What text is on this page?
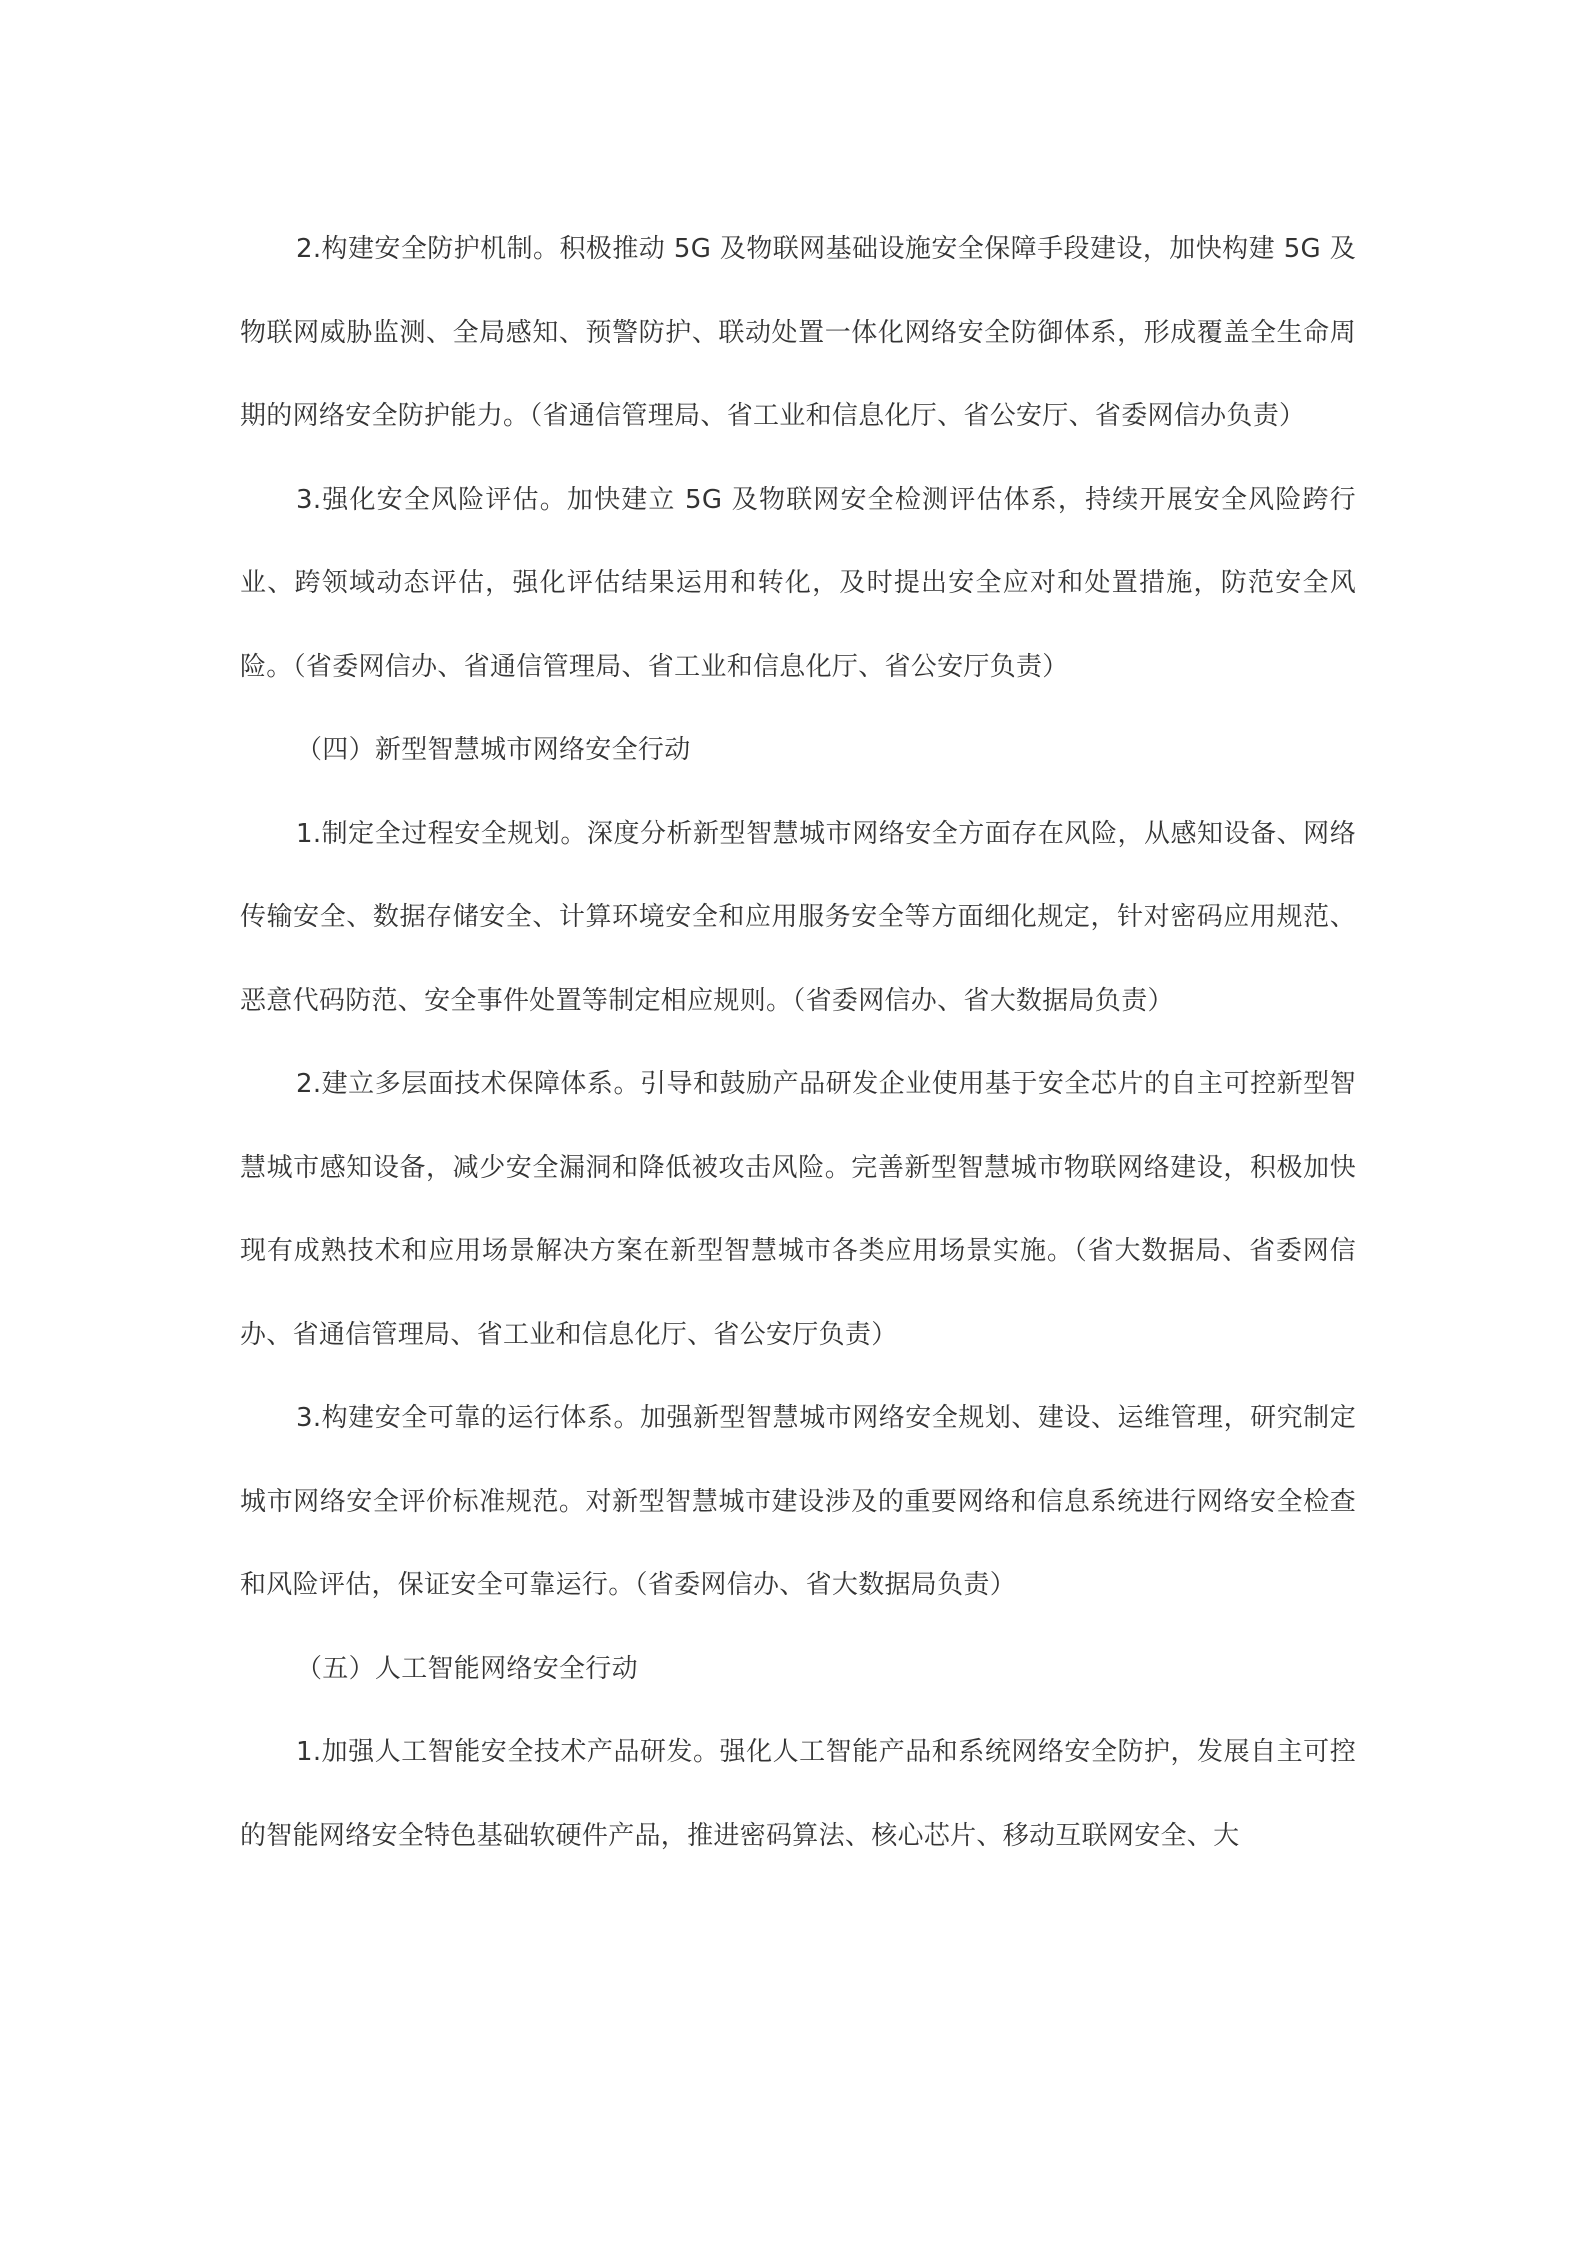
2.构建安全防护机制。积极推动 5G 及物联网基础设施安全保障手段建设，加快构建 5G 及物联网威胁监测、全局感知、预警防护、联动处置一体化网络安全防御体系，形成覆盖全生命周期的网络安全防护能力。（省通信管理局、省工业和信息化厅、省公安厅、省委网信办负责）

3.强化安全风险评估。加快建立 5G 及物联网安全检测评估体系，持续开展安全风险跨行业、跨领域动态评估，强化评估结果运用和转化，及时提出安全应对和处置措施，防范安全风险。（省委网信办、省通信管理局、省工业和信息化厅、省公安厅负责）

（四）新型智慧城市网络安全行动

1.制定全过程安全规划。深度分析新型智慧城市网络安全方面存在风险，从感知设备、网络传输安全、数据存储安全、计算环境安全和应用服务安全等方面细化规定，针对密码应用规范、恶意代码防范、安全事件处置等制定相应规则。（省委网信办、省大数据局负责）

2.建立多层面技术保障体系。引导和鼓励产品研发企业使用基于安全芯片的自主可控新型智慧城市感知设备，减少安全漏洞和降低被攻击风险。完善新型智慧城市物联网络建设，积极加快现有成熟技术和应用场景解决方案在新型智慧城市各类应用场景实施。（省大数据局、省委网信办、省通信管理局、省工业和信息化厅、省公安厅负责）

3.构建安全可靠的运行体系。加强新型智慧城市网络安全规划、建设、运维管理，研究制定城市网络安全评价标准规范。对新型智慧城市建设涉及的重要网络和信息系统进行网络安全检查和风险评估，保证安全可靠运行。（省委网信办、省大数据局负责）

（五）人工智能网络安全行动

1.加强人工智能安全技术产品研发。强化人工智能产品和系统网络安全防护，发展自主可控的智能网络安全特色基础软硬件产品，推进密码算法、核心芯片、移动互联网安全、大
